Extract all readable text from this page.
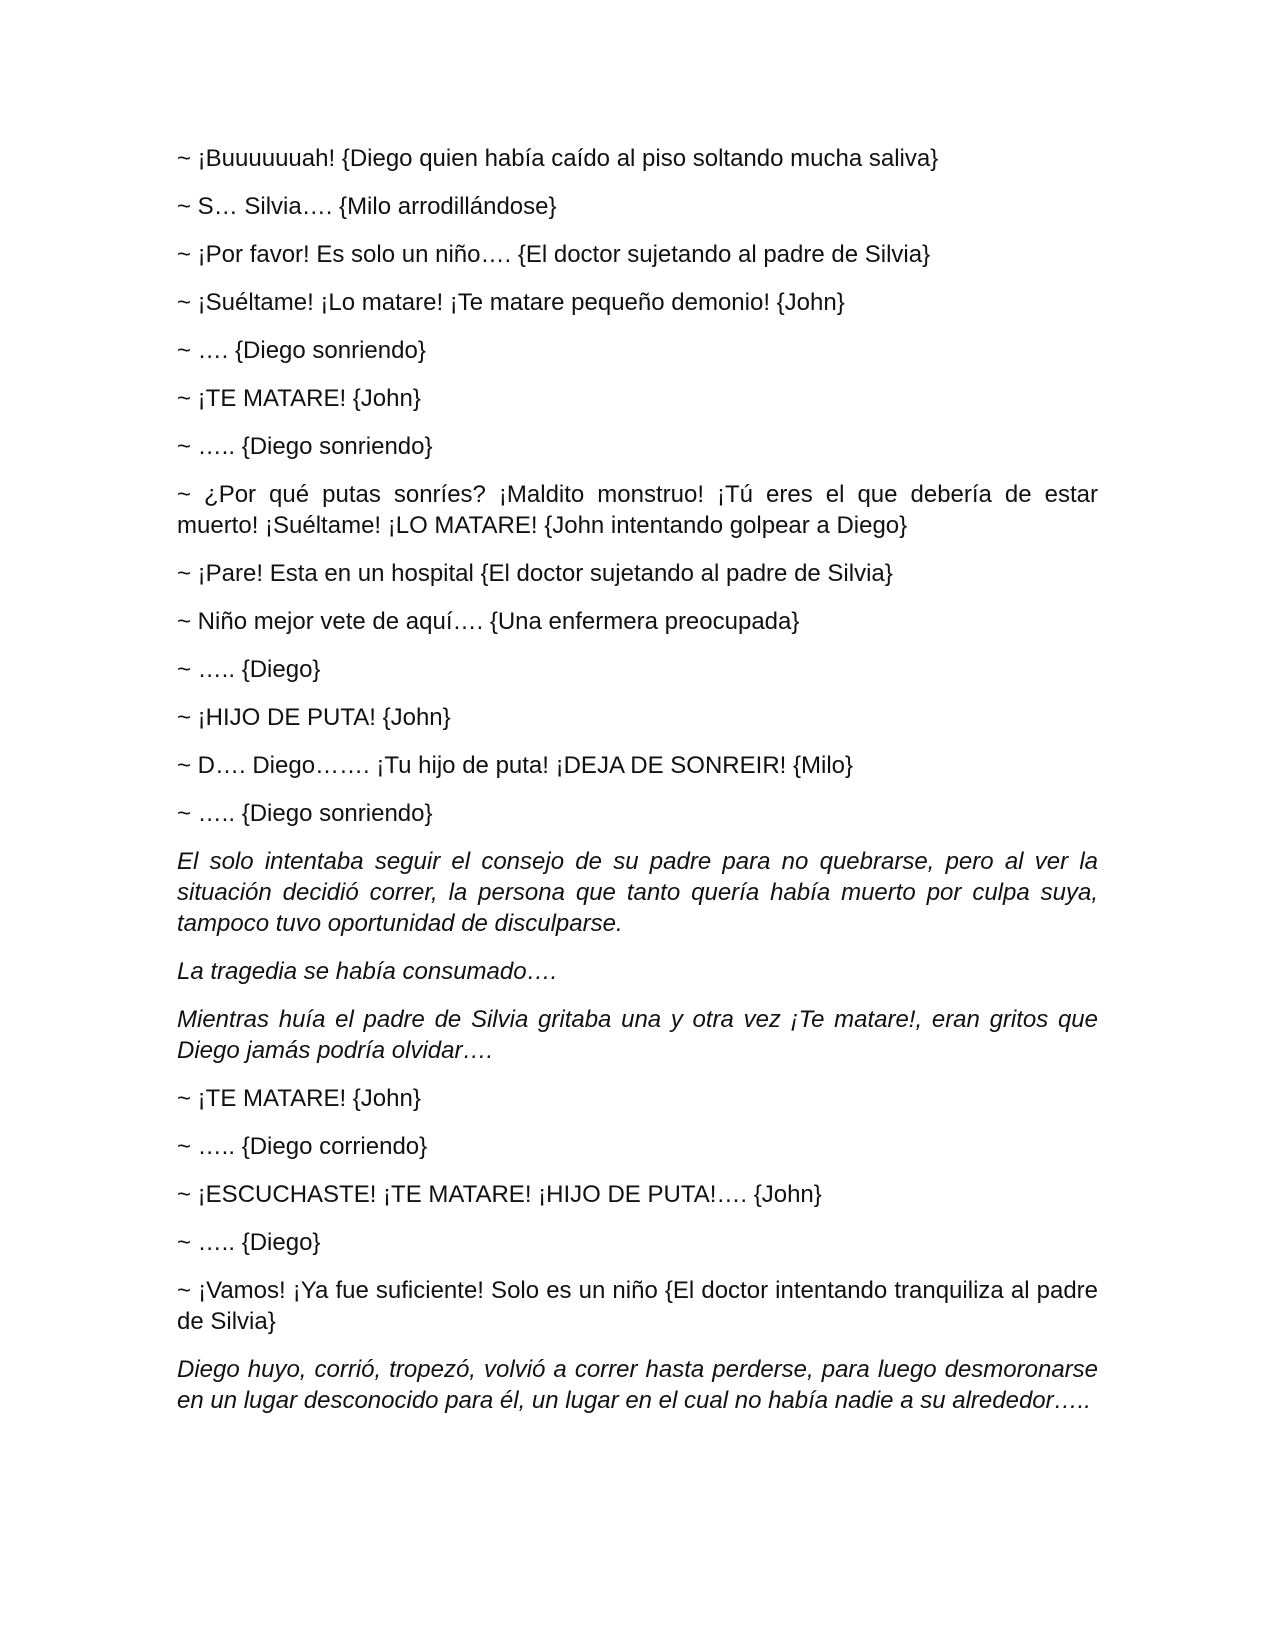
~ ¡Buuuuuuah! {Diego quien había caído al piso soltando mucha saliva}

~ S… Silvia…. {Milo arrodillándose}

~ ¡Por favor! Es solo un niño…. {El doctor sujetando al padre de Silvia}

~ ¡Suéltame! ¡Lo matare! ¡Te matare pequeño demonio! {John}

~ …. {Diego sonriendo}

~ ¡TE MATARE! {John}

~ ….. {Diego sonriendo}

~ ¿Por qué putas sonríes? ¡Maldito monstruo! ¡Tú eres el que debería de estar muerto! ¡Suéltame! ¡LO MATARE! {John intentando golpear a Diego}

~ ¡Pare! Esta en un hospital {El doctor sujetando al padre de Silvia}

~ Niño mejor vete de aquí…. {Una enfermera preocupada}

~ ….. {Diego}

~ ¡HIJO DE PUTA! {John}

~ D…. Diego……. ¡Tu hijo de puta! ¡DEJA DE SONREIR! {Milo}

~ ….. {Diego sonriendo}

El solo intentaba seguir el consejo de su padre para no quebrarse, pero al ver la situación decidió correr, la persona que tanto quería había muerto por culpa suya, tampoco tuvo oportunidad de disculparse.

La tragedia se había consumado….

Mientras huía el padre de Silvia gritaba una y otra vez ¡Te matare!, eran gritos que Diego jamás podría olvidar….

~ ¡TE MATARE! {John}

~ ….. {Diego corriendo}

~ ¡ESCUCHASTE! ¡TE MATARE! ¡HIJO DE PUTA!…. {John}

~ ….. {Diego}

~ ¡Vamos! ¡Ya fue suficiente! Solo es un niño {El doctor intentando tranquiliza al padre de Silvia}

Diego huyo, corrió, tropezó, volvió a correr hasta perderse, para luego desmoronarse en un lugar desconocido para él, un lugar en el cual no había nadie a su alrededor…..
